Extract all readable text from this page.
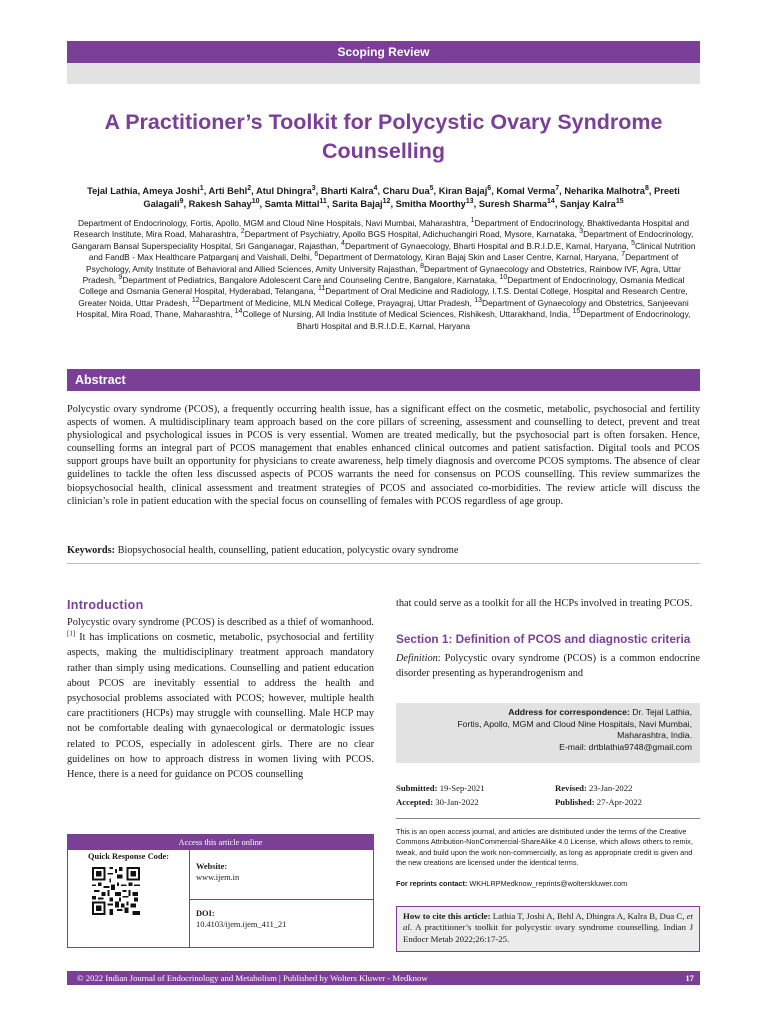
Scoping Review
A Practitioner’s Toolkit for Polycystic Ovary Syndrome Counselling
Tejal Lathia, Ameya Joshi$^1$, Arti Behl$^2$, Atul Dhingra$^3$, Bharti Kalra$^4$, Charu Dua$^5$, Kiran Bajaj$^6$, Komal Verma$^7$, Neharika Malhotra$^8$, Preeti Galagali$^9$, Rakesh Sahay$^{10}$, Samta Mittal$^{11}$, Sarita Bajaj$^{12}$, Smitha Moorthy$^{13}$, Suresh Sharma$^{14}$, Sanjay Kalra$^{15}$
Department of Endocrinology, Fortis, Apollo, MGM and Cloud Nine Hospitals, Navi Mumbai, Maharashtra, $^1$Department of Endocrinology, Bhaktivedanta Hospital and Research Institute, Mira Road, Maharashtra, $^2$Department of Psychiatry, Apollo BGS Hospital, Adichuchangiri Road, Mysore, Karnataka, $^3$Department of Endocrinology, Gangaram Bansal Superspeciality Hospital, Sri Ganganagar, Rajasthan, $^4$Department of Gynaecology, Bharti Hospital and B.R.I.D.E, Karnal, Haryana, $^5$Clinical Nutrition and FandB - Max Healthcare Patparganj and Vaishali, Delhi, $^6$Department of Dermatology, Kiran Bajaj Skin and Laser Centre, Karnal, Haryana, $^7$Department of Psychology, Amity Institute of Behavioral and Allied Sciences, Amity University Rajasthan, $^8$Department of Gynaecology and Obstetrics, Rainbow IVF, Agra, Uttar Pradesh, $^9$Department of Pediatrics, Bangalore Adolescent Care and Counseling Centre, Bangalore, Karnataka, $^{10}$Department of Endocrinology, Osmania Medical College and Osmania General Hospital, Hyderabad, Telangana, $^{11}$Department of Oral Medicine and Radiology, I.T.S. Dental College, Hospital and Research Centre, Greater Noida, Uttar Pradesh, $^{12}$Department of Medicine, MLN Medical College, Prayagraj, Uttar Pradesh, $^{13}$Department of Gynaecology and Obstetrics, Sanjeevani Hospital, Mira Road, Thane, Maharashtra, $^{14}$College of Nursing, All India Institute of Medical Sciences, Rishikesh, Uttarakhand, India, $^{15}$Department of Endocrinology, Bharti Hospital and B.R.I.D.E, Karnal, Haryana
Abstract
Polycystic ovary syndrome (PCOS), a frequently occurring health issue, has a significant effect on the cosmetic, metabolic, psychosocial and fertility aspects of women. A multidisciplinary team approach based on the core pillars of screening, assessment and counselling to detect, prevent and treat physiological and psychological issues in PCOS is very essential. Women are treated medically, but the psychosocial part is often forsaken. Hence, counselling forms an integral part of PCOS management that enables enhanced clinical outcomes and patient satisfaction. Digital tools and PCOS support groups have built an opportunity for physicians to create awareness, help timely diagnosis and overcome PCOS symptoms. The absence of clear guidelines to tackle the often less discussed aspects of PCOS warrants the need for consensus on PCOS counselling. This review summarizes the biopsychosocial health, clinical assessment and treatment strategies of PCOS and associated co-morbidities. The review article will discuss the clinician’s role in patient education with the special focus on counselling of females with PCOS regardless of age group.
Keywords: Biopsychosocial health, counselling, patient education, polycystic ovary syndrome
Introduction
Polycystic ovary syndrome (PCOS) is described as a thief of womanhood.[1] It has implications on cosmetic, metabolic, psychosocial and fertility aspects, making the multidisciplinary treatment approach mandatory rather than simply using medications. Counselling and patient education about PCOS are inevitably essential to address the health and psychosocial problems associated with PCOS; however, multiple health care practitioners (HCPs) may struggle with counselling. Male HCP may not be comfortable dealing with gynaecological or dermatologic issues related to PCOS, especially in adolescent girls. There are no clear guidelines on how to approach distress in women living with PCOS. Hence, there is a need for guidance on PCOS counselling
that could serve as a toolkit for all the HCPs involved in treating PCOS.
Section 1: Definition of PCOS and diagnostic criteria
Definition: Polycystic ovary syndrome (PCOS) is a common endocrine disorder presenting as hyperandrogenism and
Address for correspondence: Dr. Tejal Lathia,
Fortis, Apollo, MGM and Cloud Nine Hospitals, Navi Mumbai, Maharashtra, India.
E-mail: drtblathia9748@gmail.com
Submitted: 19-Sep-2021	Revised: 23-Jan-2022
Accepted: 30-Jan-2022	Published: 27-Apr-2022
This is an open access journal, and articles are distributed under the terms of the Creative Commons Attribution-NonCommercial-ShareAlike 4.0 License, which allows others to remix, tweak, and build upon the work non-commercially, as long as appropriate credit is given and the new creations are licensed under the identical terms.
For reprints contact: WKHLRPMedknow_reprints@wolterskluwer.com
How to cite this article: Lathia T, Joshi A, Behl A, Dhingra A, Kalra B, Dua C, et al. A practitioner’s toolkit for polycystic ovary syndrome counselling. Indian J Endocr Metab 2022;26:17-25.
Access this article online
Quick Response Code:
Website:
www.ijem.in
DOI:
10.4103/ijem.ijem_411_21
© 2022 Indian Journal of Endocrinology and Metabolism | Published by Wolters Kluwer - Medknow	17
